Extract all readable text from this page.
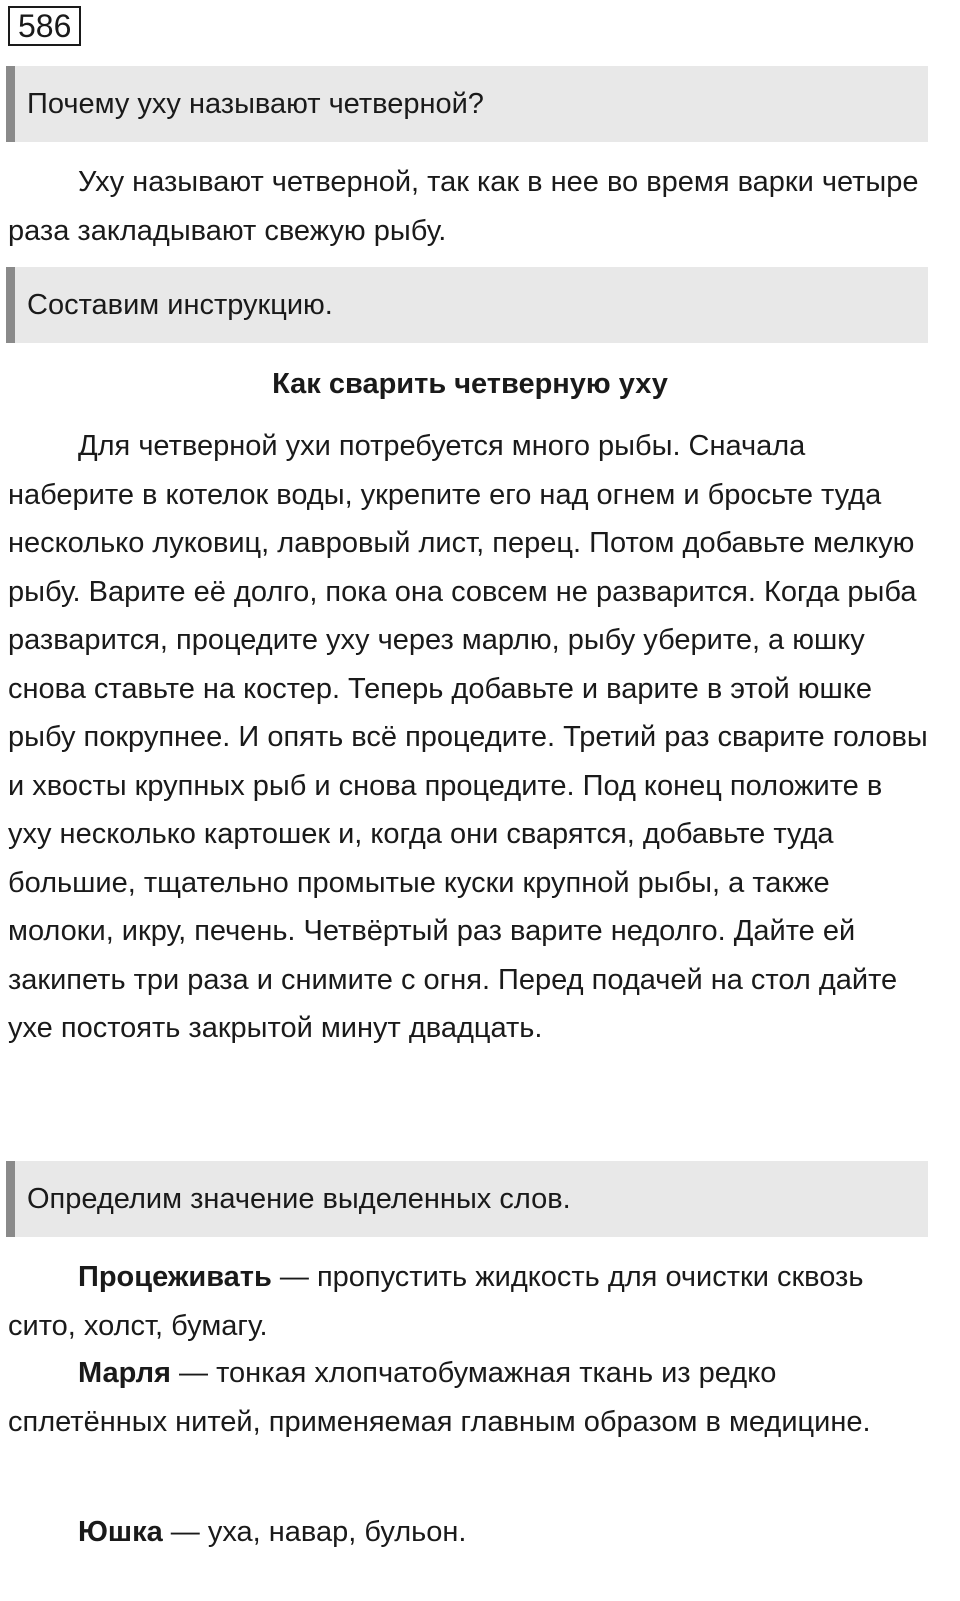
586
Почему уху называют четверной?

Уху называют четверной, так как в нее во время варки четыре раза закладывают свежую рыбу.

Составим инструкцию.
Как сварить четверную уху

Для четверной ухи потребуется много рыбы. Сначала наберите в котелок воды, укрепите его над огнем и бросьте туда несколько луковиц, лавровый лист, перец. Потом добавьте мелкую рыбу. Варите её долго, пока она совсем не разварится. Когда рыба разварится, процедите уху через марлю, рыбу уберите, а юшку снова ставьте на костер. Теперь добавьте и варите в этой юшке рыбу покрупнее. И опять всё процедите. Третий раз сварите головы и хвосты крупных рыб и снова процедите. Под конец положите в уху несколько картошек и, когда они сварятся, добавьте туда большие, тщательно промытые куски крупной рыбы, а также молоки, икру, печень. Четвёртый раз варите недолго. Дайте ей закипеть три раза и снимите с огня. Перед подачей на стол дайте ухе постоять закрытой минут двадцать.

Определим значение выделенных слов.

Процеживать — пропустить жидкость для очистки сквозь сито, холст, бумагу.

Марля — тонкая хлопчатобумажная ткань из редко сплетённых нитей, применяемая главным образом в медицине.

Юшка — уха, навар, бульон.
